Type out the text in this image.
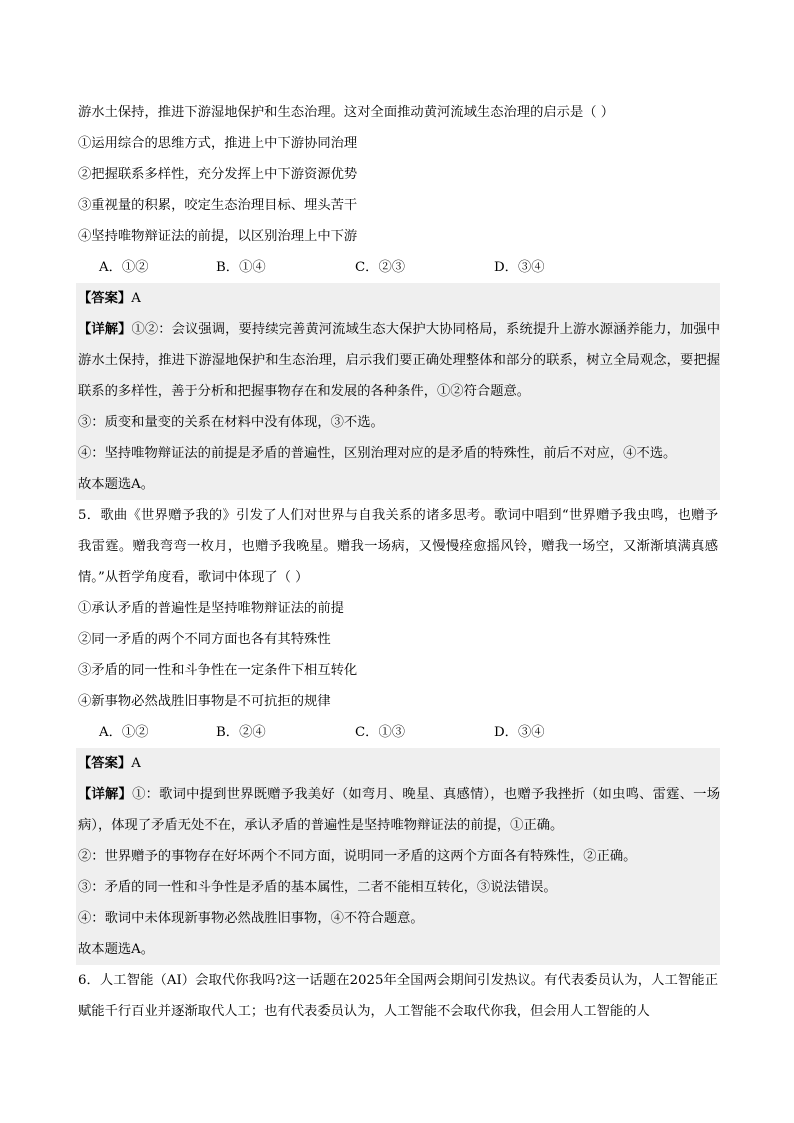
游水土保持，推进下游湿地保护和生态治理。这对全面推动黄河流域生态治理的启示是（ ）
①运用综合的思维方式，推进上中下游协同治理
②把握联系多样性，充分发挥上中下游资源优势
③重视量的积累，咬定生态治理目标、埋头苦干
④坚持唯物辩证法的前提，以区别治理上中下游
A．①②	B．①④	C．②③	D．③④
【答案】A
【详解】①②：会议强调，要持续完善黄河流域生态大保护大协同格局，系统提升上游水源涵养能力，加强中游水土保持，推进下游湿地保护和生态治理，启示我们要正确处理整体和部分的联系，树立全局观念，要把握联系的多样性，善于分析和把握事物存在和发展的各种条件，①②符合题意。
③：质变和量变的关系在材料中没有体现，③不选。
④：坚持唯物辩证法的前提是矛盾的普遍性，区别治理对应的是矛盾的特殊性，前后不对应，④不选。
故本题选A。
5．歌曲《世界赠予我的》引发了人们对世界与自我关系的诸多思考。歌词中唱到“世界赠予我虫鸣，也赠予我雷霆。赠我弯弯一枚月，也赠予我晚星。赠我一场病，又慢慢痊愈摇风铃，赠我一场空，又渐渐填满真感情。”从哲学角度看，歌词中体现了（ ）
①承认矛盾的普遍性是坚持唯物辩证法的前提
②同一矛盾的两个不同方面也各有其特殊性
③矛盾的同一性和斗争性在一定条件下相互转化
④新事物必然战胜旧事物是不可抗拒的规律
A．①②	B．②④	C．①③	D．③④
【答案】A
【详解】①：歌词中提到世界既赠予我美好（如弯月、晚星、真感情），也赠予我挫折（如虫鸣、雷霆、一场病），体现了矛盾无处不在，承认矛盾的普遍性是坚持唯物辩证法的前提，①正确。
②：世界赠予的事物存在好坏两个不同方面，说明同一矛盾的这两个方面各有特殊性，②正确。
③：矛盾的同一性和斗争性是矛盾的基本属性，二者不能相互转化，③说法错误。
④：歌词中未体现新事物必然战胜旧事物，④不符合题意。
故本题选A。
6．人工智能（AI）会取代你我吗?这一话题在2025年全国两会期间引发热议。有代表委员认为，人工智能正赋能千行百业并逐渐取代人工；也有代表委员认为，人工智能不会取代你我，但会用人工智能的人
